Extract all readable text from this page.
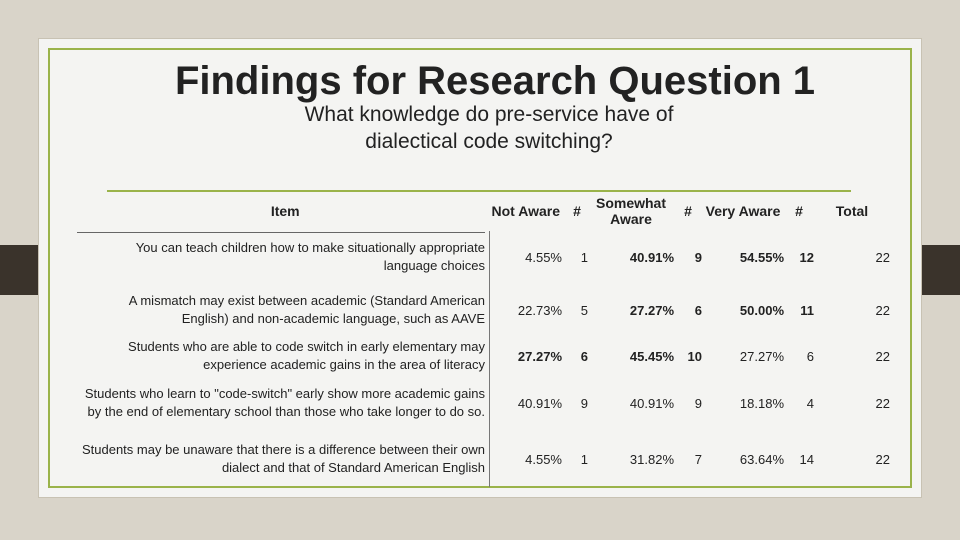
Findings for Research Question 1
What knowledge do pre-service have of dialectical code switching?
Item	Not Aware	#	Somewhat Aware	#	Very Aware	#	Total
You can teach children how to make situationally appropriate language choices	4.55%	1	40.91%	9	54.55%	12	22
A mismatch may exist between academic (Standard American English) and non-academic language, such as AAVE	22.73%	5	27.27%	6	50.00%	11	22
Students who are able to code switch in early elementary may experience academic gains in the area of literacy	27.27%	6	45.45%	10	27.27%	6	22
Students who learn to "code-switch" early show more academic gains by the end of elementary school than those who take longer to do so.	40.91%	9	40.91%	9	18.18%	4	22
Students may be unaware that there is a difference between their own dialect and that of Standard American English	4.55%	1	31.82%	7	63.64%	14	22
